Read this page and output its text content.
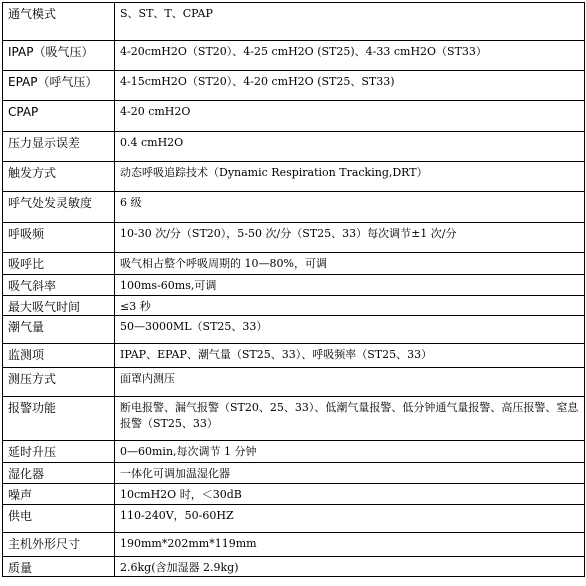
通气模式	S、ST、T、CPAP
IPAP（吸气压）	4-20cmH2O（ST20）、4-25 cmH2O (ST25)、4-33 cmH2O（ST33）
EPAP（呼气压）	4-15cmH2O（ST20）、4-20 cmH2O (ST25、ST33)
CPAP	4-20 cmH2O
压力显示误差	0.4 cmH2O
触发方式	动态呼吸追踪技术（Dynamic Respiration Tracking,DRT）
呼气处发灵敏度	6 级
呼吸频	10-30 次/分（ST20），5-50 次/分（ST25、33）每次调节±1 次/分
吸呼比	吸气相占整个呼吸周期的 10—80%，可调
吸气斜率	100ms-60ms,可调
最大吸气时间	≤3 秒
潮气量	50—3000ML（ST25、33）
监测项	IPAP、EPAP、潮气量（ST25、33）、呼吸频率（ST25、33）
测压方式	面罩内测压
报警功能	断电报警、漏气报警（ST20、25、33）、低潮气量报警、低分钟通气量报警、高压报警、窒息报警（ST25、33）
延时升压	0—60min,每次调节 1 分钟
湿化器	一体化可调加温湿化器
噪声	10cmH2O 时，＜30dB
供电	110-240V，50-60HZ
主机外形尺寸	190mm*202mm*119mm
质量	2.6kg(含加湿器 2.9kg)
